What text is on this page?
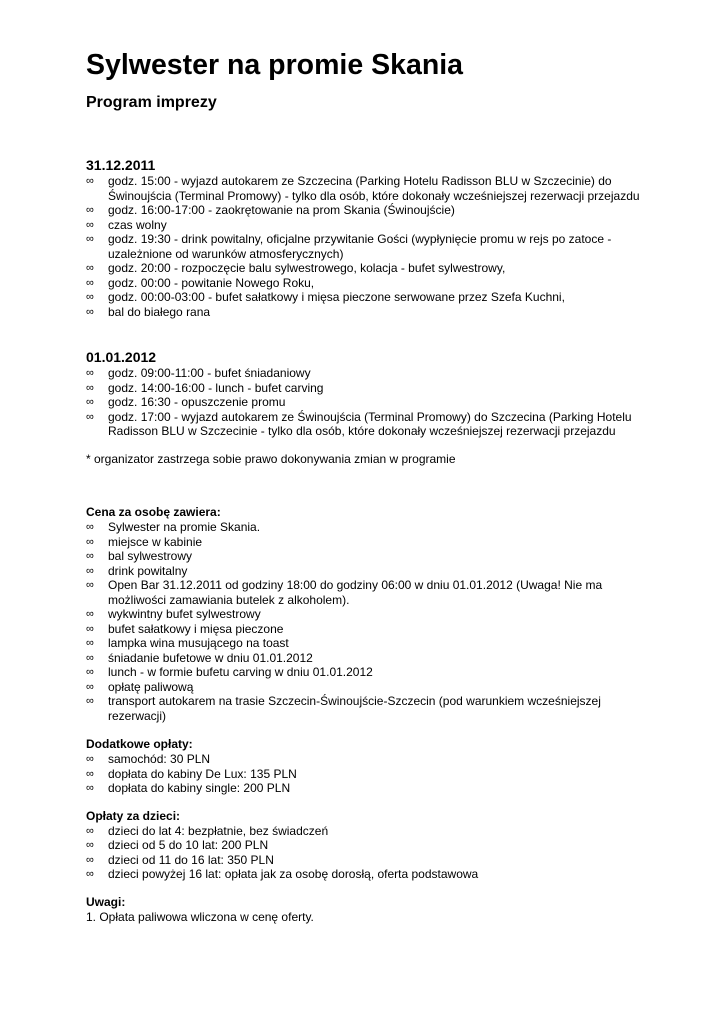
Sylwester na promie Skania
Program imprezy
31.12.2011
∞ godz. 15:00 - wyjazd autokarem ze Szczecina (Parking Hotelu Radisson BLU w Szczecinie) do Świnoujścia (Terminal Promowy) - tylko dla osób, które dokonały wcześniejszej rezerwacji przejazdu
∞ godz. 16:00-17:00 - zaokrętowanie na prom Skania (Świnoujście)
∞ czas wolny
∞ godz. 19:30 - drink powitalny, oficjalne przywitanie Gości (wypłynięcie promu w rejs po zatoce - uzależnione od warunków atmosferycznych)
∞ godz. 20:00 - rozpoczęcie balu sylwestrowego, kolacja - bufet sylwestrowy,
∞ godz. 00:00 - powitanie Nowego Roku,
∞ godz. 00:00-03:00 - bufet sałatkowy i mięsa pieczone serwowane przez Szefa Kuchni,
∞ bal do białego rana
01.01.2012
∞ godz. 09:00-11:00 - bufet śniadaniowy
∞ godz. 14:00-16:00 - lunch - bufet carving
∞ godz. 16:30 - opuszczenie promu
∞ godz. 17:00 - wyjazd autokarem ze Świnoujścia (Terminal Promowy) do Szczecina (Parking Hotelu Radisson BLU w Szczecinie - tylko dla osób, które dokonały wcześniejszej rezerwacji przejazdu

* organizator zastrzega sobie prawo dokonywania zmian w programie

Cena za osobę zawiera:
∞ Sylwester na promie Skania.
∞ miejsce w kabinie
∞ bal sylwestrowy
∞ drink powitalny
∞ Open Bar 31.12.2011 od godziny 18:00 do godziny 06:00 w dniu 01.01.2012 (Uwaga! Nie ma możliwości zamawiania butelek z alkoholem).
∞ wykwintny bufet sylwestrowy
∞ bufet sałatkowy i mięsa pieczone
∞ lampka wina musującego na toast
∞ śniadanie bufetowe w dniu 01.01.2012
∞ lunch - w formie bufetu carving w dniu 01.01.2012
∞ opłatę paliwową
∞ transport autokarem na trasie Szczecin-Świnoujście-Szczecin (pod warunkiem wcześniejszej rezerwacji)
Dodatkowe opłaty:
∞ samochód: 30 PLN
∞ dopłata do kabiny De Lux: 135 PLN
∞ dopłata do kabiny single: 200 PLN
Opłaty za dzieci:
∞ dzieci do lat 4: bezpłatnie, bez świadczeń
∞ dzieci od 5 do 10 lat: 200 PLN
∞ dzieci od 11 do 16 lat: 350 PLN
∞ dzieci powyżej 16 lat: opłata jak za osobę dorosłą, oferta podstawowa
Uwagi:

1. Opłata paliwowa wliczona w cenę oferty.
